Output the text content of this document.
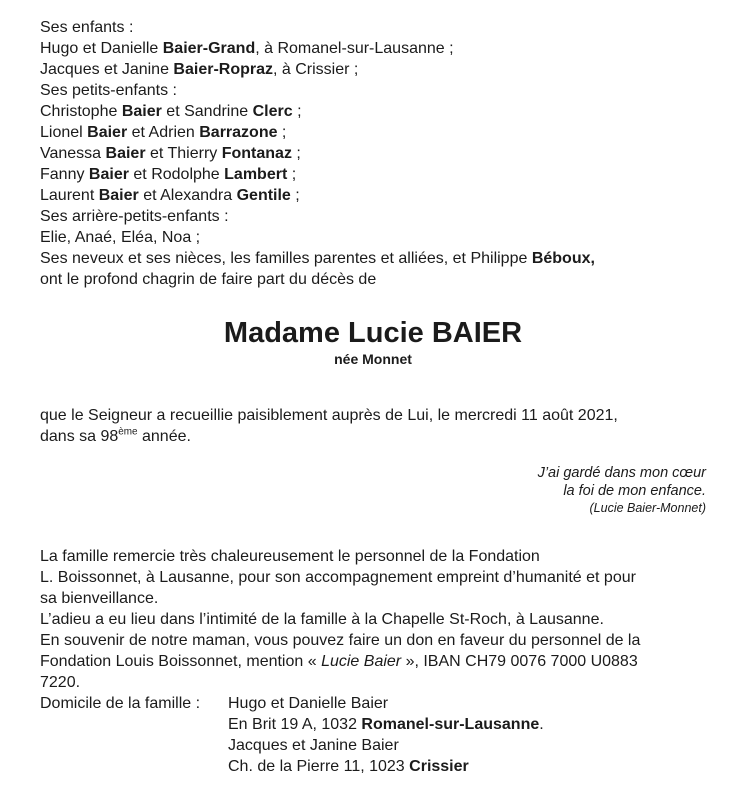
Ses enfants :
Hugo et Danielle Baier-Grand, à Romanel-sur-Lausanne ;
Jacques et Janine Baier-Ropraz, à Crissier ;
Ses petits-enfants :
Christophe Baier et Sandrine Clerc ;
Lionel Baier et Adrien Barrazone ;
Vanessa Baier et Thierry Fontanaz ;
Fanny Baier et Rodolphe Lambert ;
Laurent Baier et Alexandra Gentile ;
Ses arrière-petits-enfants :
Elie, Anaé, Eléa, Noa ;
Ses neveux et ses nièces, les familles parentes et alliées, et Philippe Béboux,
ont le profond chagrin de faire part du décès de
Madame Lucie BAIER
née Monnet
que le Seigneur a recueillie paisiblement auprès de Lui, le mercredi 11 août 2021,
dans sa 98ème année.
J’ai gardé dans mon cœur
la foi de mon enfance.
(Lucie Baier-Monnet)
La famille remercie très chaleureusement le personnel de la Fondation
L. Boissonnet, à Lausanne, pour son accompagnement empreint d’humanité et pour
sa bienveillance.
L’adieu a eu lieu dans l’intimité de la famille à la Chapelle St-Roch, à Lausanne.
En souvenir de notre maman, vous pouvez faire un don en faveur du personnel de la
Fondation Louis Boissonnet, mention « Lucie Baier », IBAN CH79 0076 7000 U0883
7220.
Domicile de la famille :	Hugo et Danielle Baier
En Brit 19 A, 1032 Romanel-sur-Lausanne.
Jacques et Janine Baier
Ch. de la Pierre 11, 1023 Crissier
